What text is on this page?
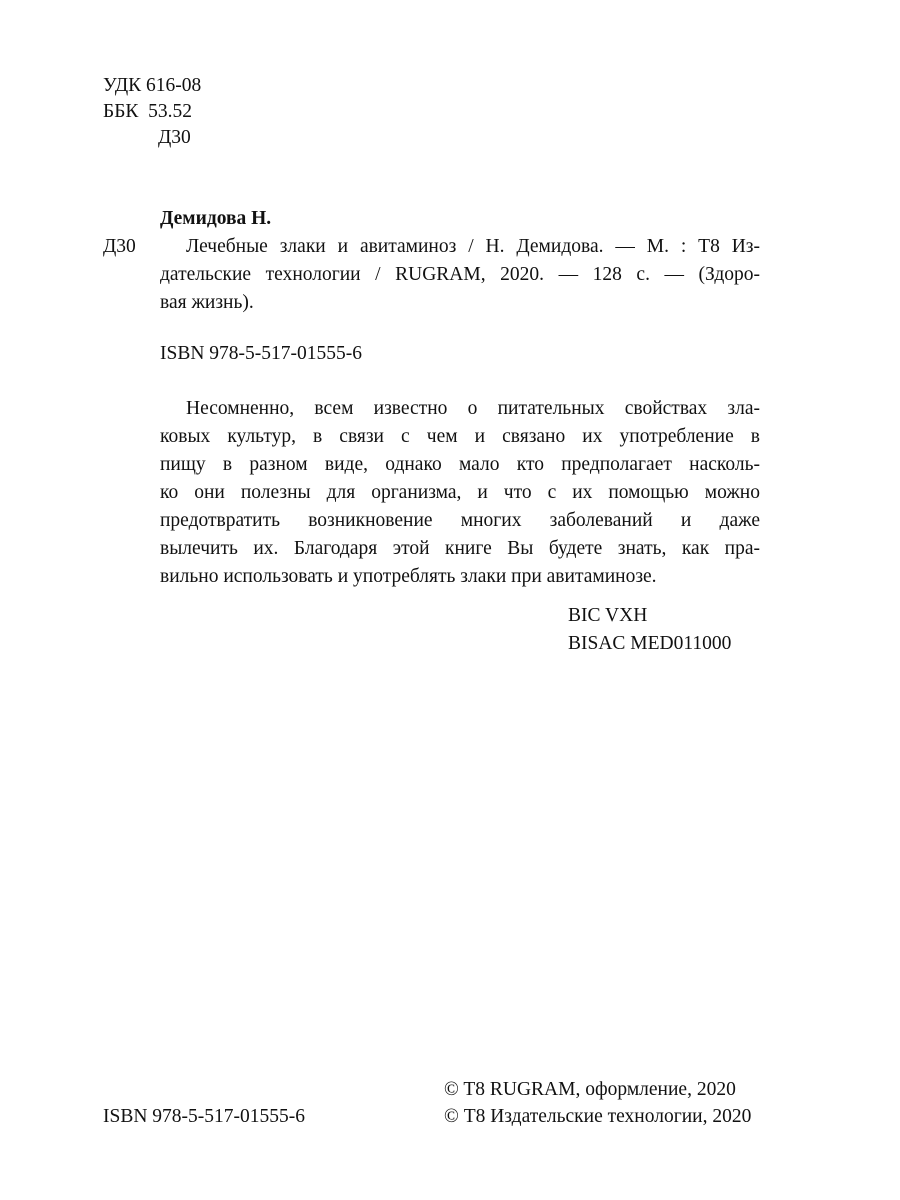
УДК 616-08
ББК  53.52
Д30
Демидова Н.
Д30	Лечебные злаки и авитаминоз / Н. Демидова. — М. : Т8 Из-
дательские технологии / RUGRAM, 2020. — 128 с. — (Здоро-
вая жизнь).
ISBN 978-5-517-01555-6
Несомненно, всем известно о питательных свойствах зла-
ковых культур, в связи с чем и связано их употребление в
пищу в разном виде, однако мало кто предполагает насколь-
ко они полезны для организма, и что с их помощью можно
предотвратить возникновение многих заболеваний и даже
вылечить их. Благодаря этой книге Вы будете знать, как пра-
вильно использовать и употреблять злаки при авитаминозе.
BIC VXH
BISAC MED011000
ISBN 978-5-517-01555-6
© T8 RUGRAM, оформление, 2020
© Т8 Издательские технологии, 2020
